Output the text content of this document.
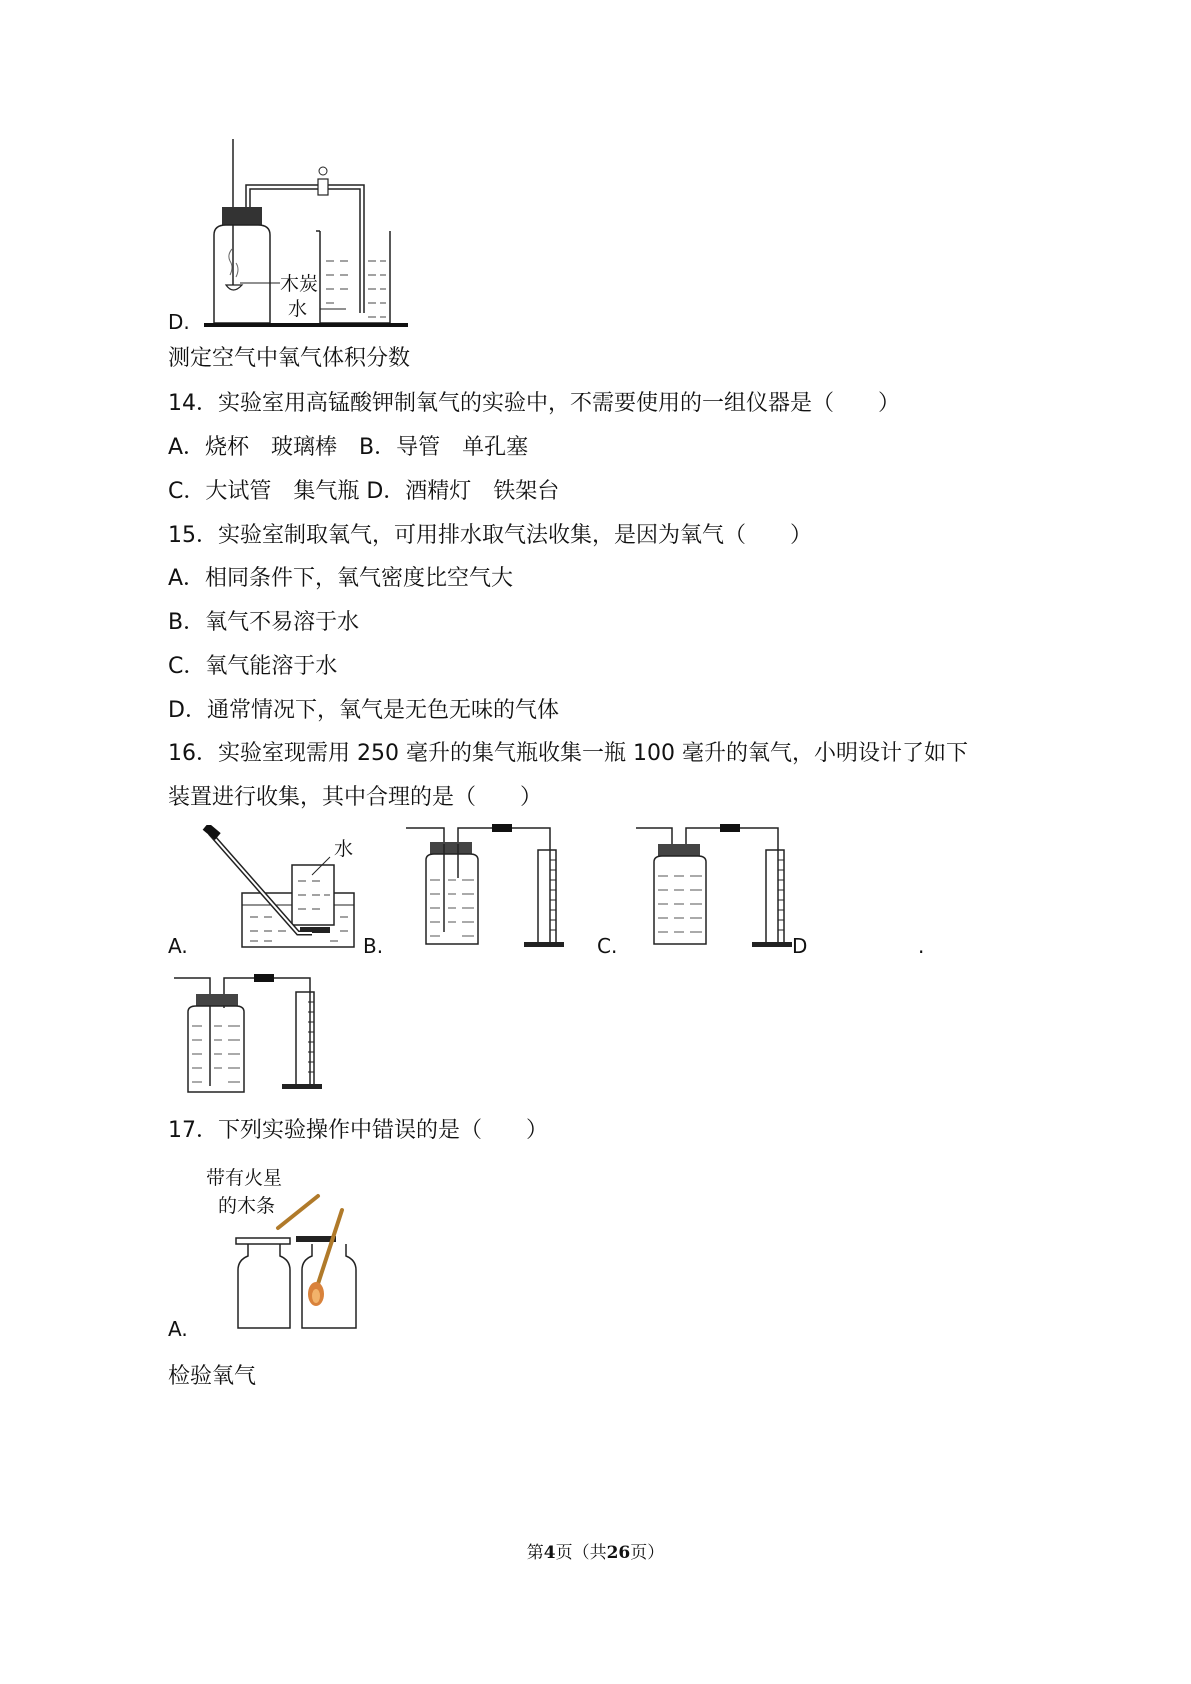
木炭
水
D.
测定空气中氧气体积分数
14．实验室用高锰酸钾制氧气的实验中，不需要使用的一组仪器是（　　）
A．烧杯　玻璃棒　B．导管　单孔塞
C．大试管　集气瓶 D．酒精灯　铁架台
15．实验室制取氧气，可用排水取气法收集，是因为氧气（　　）
A．相同条件下，氧气密度比空气大
B．氧气不易溶于水
C．氧气能溶于水
D．通常情况下，氧气是无色无味的气体
16．实验室现需用 250 毫升的集气瓶收集一瓶 100 毫升的氧气，小明设计了如下
装置进行收集，其中合理的是（　　）
水
A.	B.	C.	D	.
17．下列实验操作中错误的是（　　）
带有火星
的木条
A.
检验氧气
第4页（共26页）
